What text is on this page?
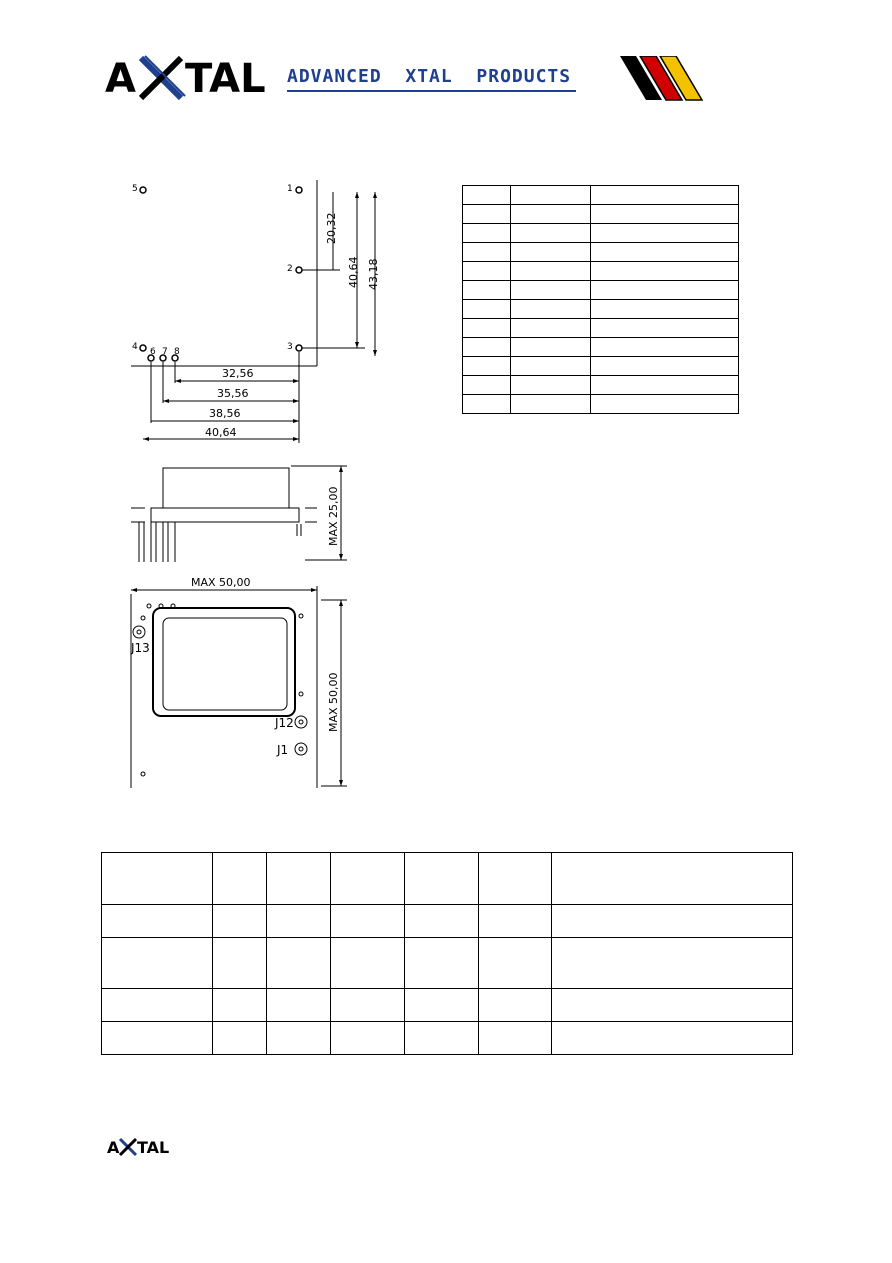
A TAL ADVANCED  XTAL  PRODUCTS
5	1
2
3
4 6 7 8
32,56
35,56
38,56
40,64
20,32
40,64 43,18

MAX 25,00
J13
J12
J1
MAX 50,00
MAX 50,00

A TAL
